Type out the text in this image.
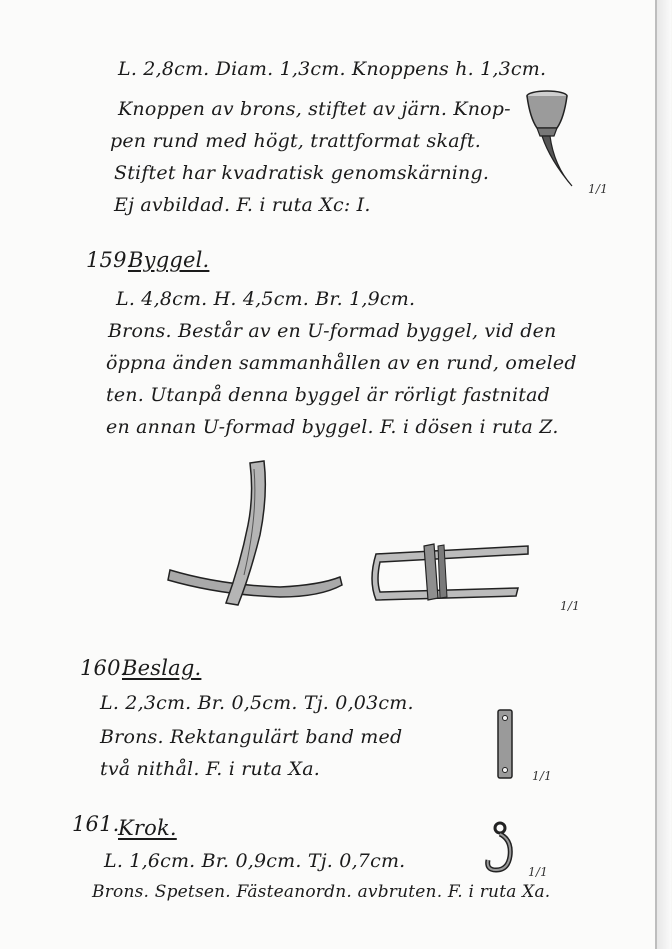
L. 2,8cm. Diam. 1,3cm. Knoppens h. 1,3cm.
Knoppen av brons, stiftet av järn. Knop-
pen rund med högt, trattformat skaft.
Stiftet har kvadratisk genomskärning.
Ej avbildad. F. i ruta Xc: I.
1/1
159.
Byggel.
L. 4,8cm. H. 4,5cm. Br. 1,9cm.
Brons. Består av en U-formad byggel, vid den
öppna änden sammanhållen av en rund, omeled
ten. Utanpå denna byggel är rörligt fastnitad
en annan U-formad byggel. F. i dösen i ruta Z.
1/1
160.
Beslag.
L. 2,3cm. Br. 0,5cm. Tj. 0,03cm.
Brons. Rektangulärt band med
två nithål. F. i ruta Xa.	1/1
161.
Krok.
L. 1,6cm. Br. 0,9cm. Tj. 0,7cm.
Brons. Spetsen. Fästeanordn. avbruten. F. i ruta Xa.
1/1
